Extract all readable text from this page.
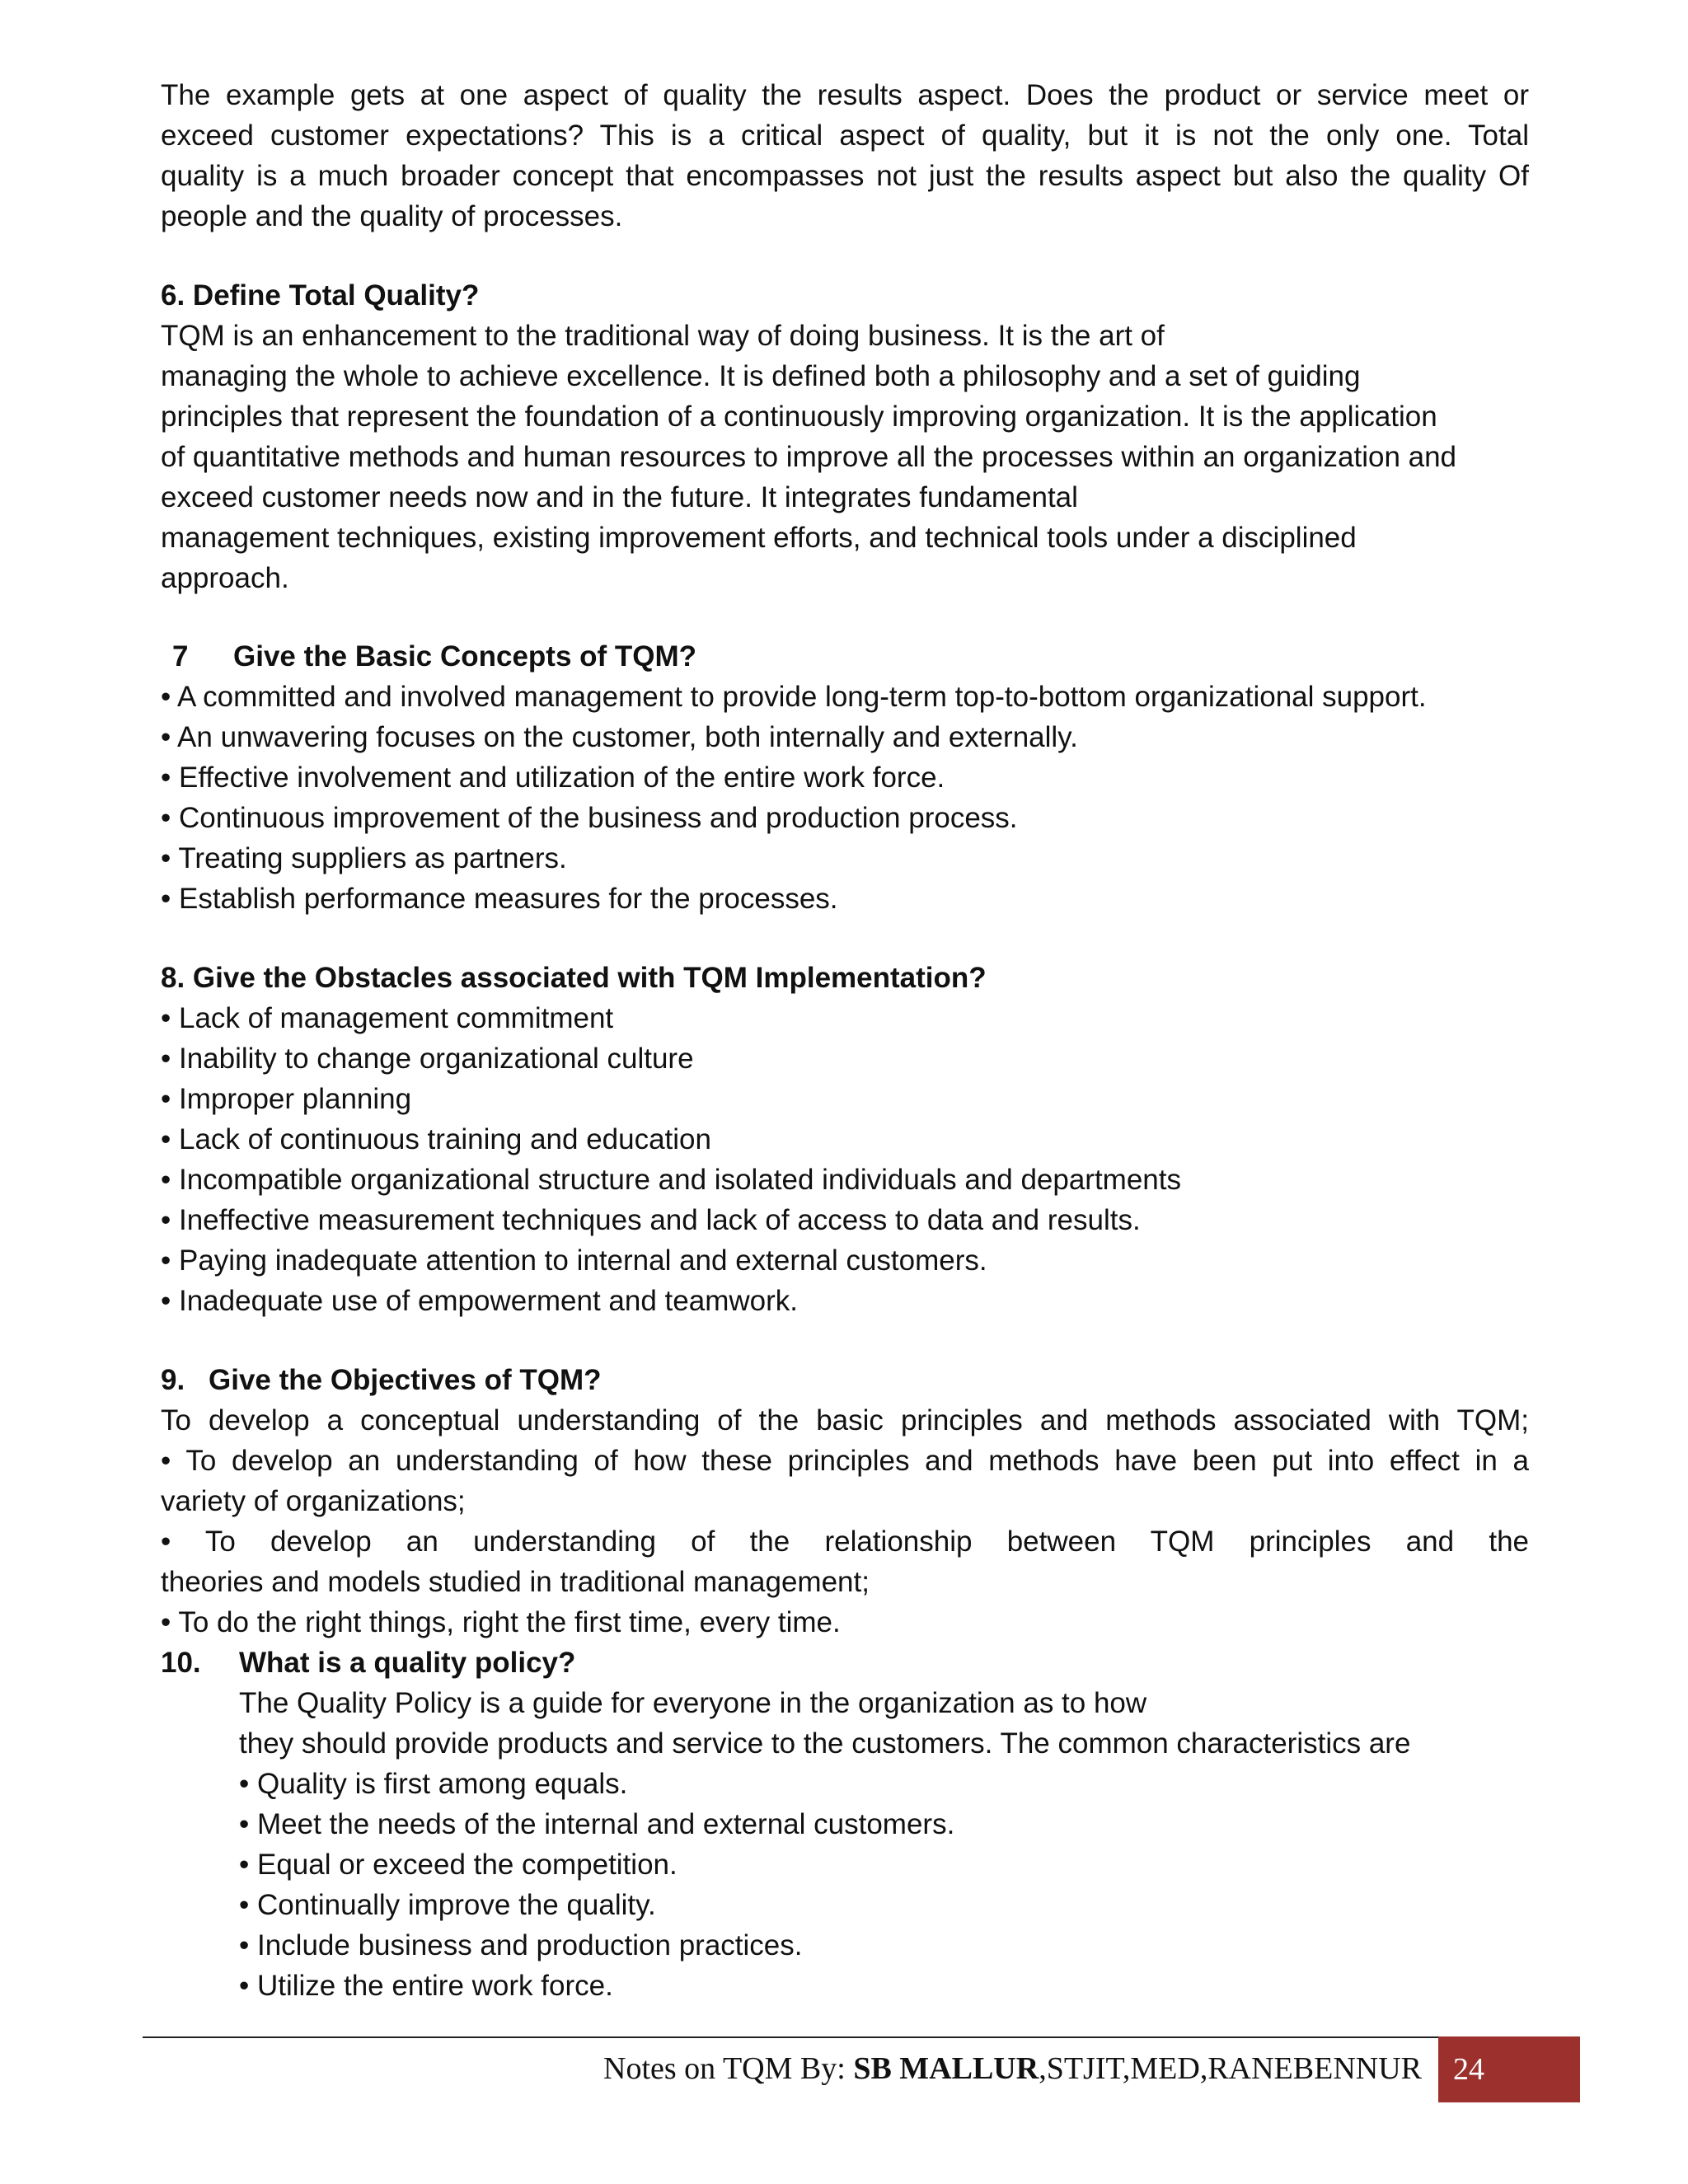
The example gets at one aspect of quality the results aspect. Does the product or service meet or
exceed customer expectations? This is a critical aspect of quality, but it is not the only one. Total
quality is a much broader concept that encompasses not just the results aspect but also the quality Of
people and the quality of processes.
6. Define Total Quality?
TQM is an enhancement to the traditional way of doing business. It is the art of
managing the whole to achieve excellence. It is defined both a philosophy and a set of guiding
principles that represent the foundation of a continuously improving organization. It is the application
of quantitative methods and human resources to improve all the processes within an organization and
exceed customer needs now and in the future. It integrates fundamental
management techniques, existing improvement efforts, and technical tools under a disciplined
approach.
7	Give the Basic Concepts of TQM?
• A committed and involved management to provide long-term top-to-bottom organizational support.
• An unwavering focuses on the customer, both internally and externally.
• Effective involvement and utilization of the entire work force.
• Continuous improvement of the business and production process.
• Treating suppliers as partners.
• Establish performance measures for the processes.
8. Give the Obstacles associated with TQM Implementation?
• Lack of management commitment
• Inability to change organizational culture
• Improper planning
• Lack of continuous training and education
• Incompatible organizational structure and isolated individuals and departments
• Ineffective measurement techniques and lack of access to data and results.
• Paying inadequate attention to internal and external customers.
• Inadequate use of empowerment and teamwork.
9. Give the Objectives of TQM?
To develop a conceptual understanding of the basic principles and methods associated with TQM;
• To develop an understanding of how these principles and methods have been put into effect in a
variety of organizations;
• To develop an understanding of the relationship between TQM principles and the
theories and models studied in traditional management;
• To do the right things, right the first time, every time.
10.	What is a quality policy?
The Quality Policy is a guide for everyone in the organization as to how
they should provide products and service to the customers. The common characteristics are
• Quality is first among equals.
• Meet the needs of the internal and external customers.
• Equal or exceed the competition.
• Continually improve the quality.
• Include business and production practices.
• Utilize the entire work force.
Notes on TQM By: SB MALLUR,STJIT,MED,RANEBENNUR	24
